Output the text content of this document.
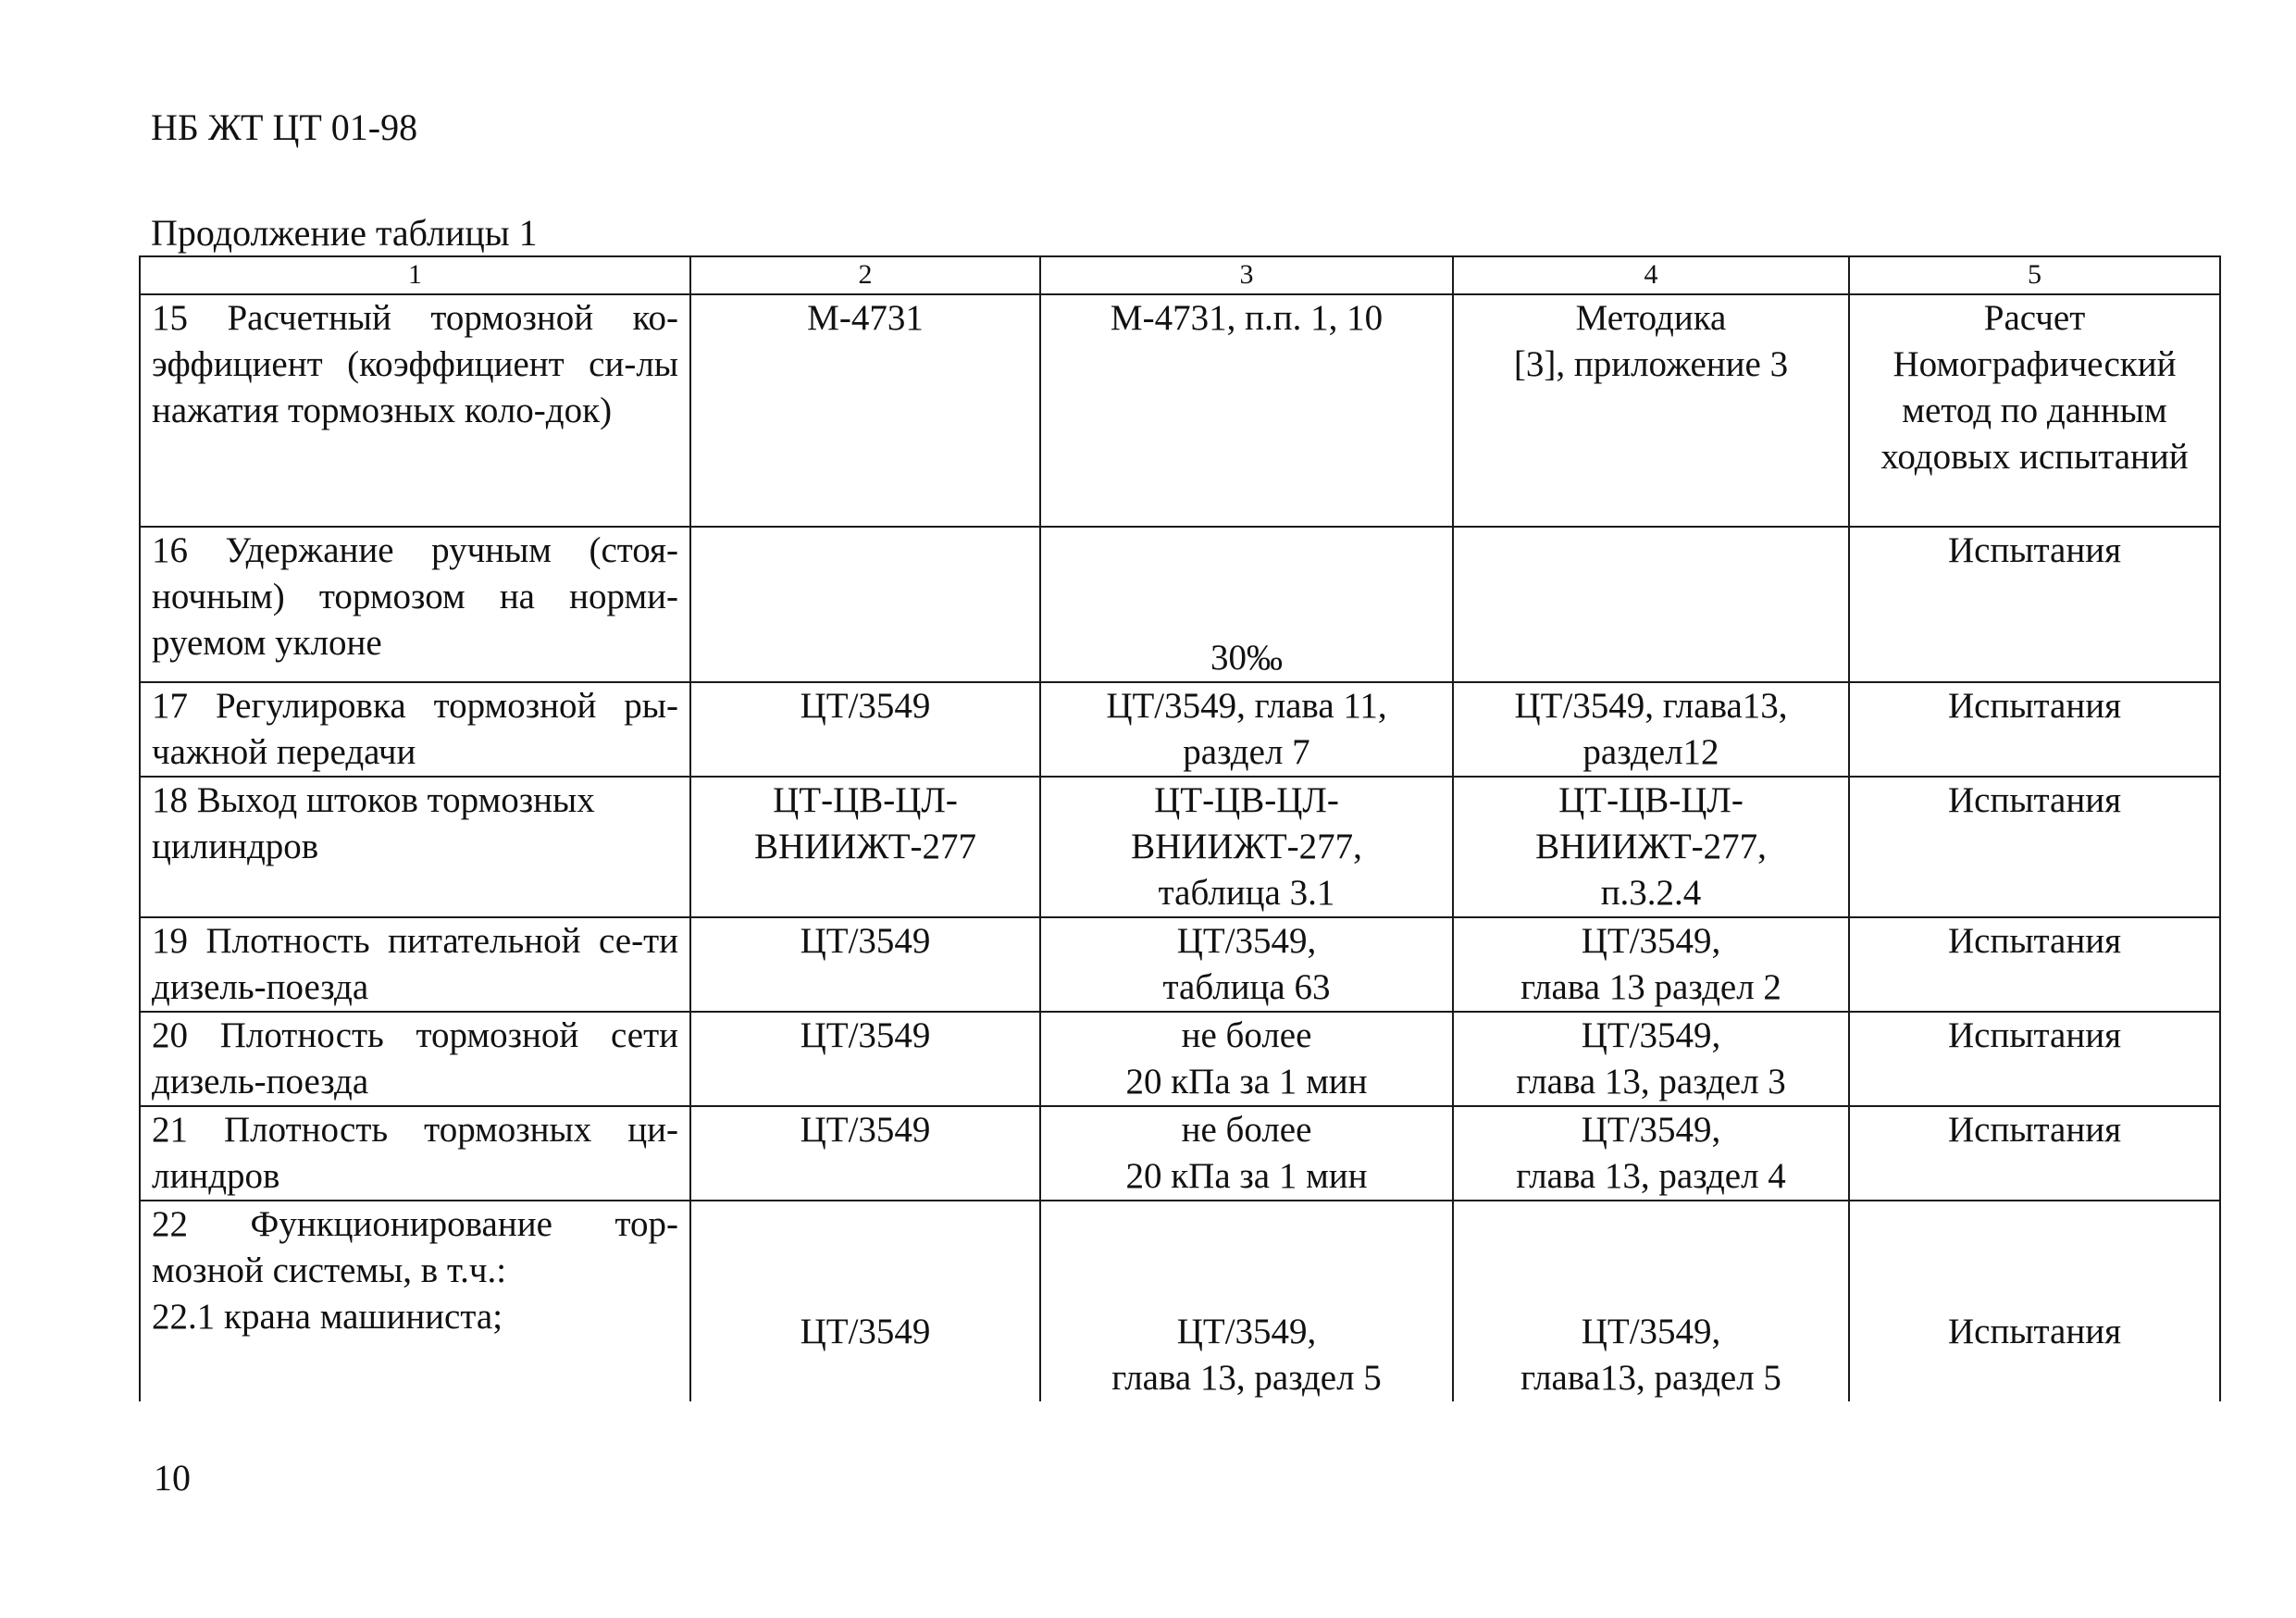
НБ ЖТ ЦТ 01-98
Продолжение таблицы 1
1	2	3	4	5

15 Расчетный тормозной ко-эффициент (коэффициент си-лы нажатия тормозных коло-док)	М-4731	М-4731, п.п. 1, 10	Методика
[3], приложение 3	Расчет
Номографический метод по данным ходовых испытаний

16 Удержание ручным (стоя-ночным) тормозом на норми-руемом уклоне		30‰		Испытания

17 Регулировка тормозной ры-чажной передачи	ЦТ/3549	ЦТ/3549, глава 11,
раздел 7	ЦТ/3549, глава13,
раздел12	Испытания

18 Выход штоков тормозных цилиндров	ЦТ-ЦВ-ЦЛ-
ВНИИЖТ-277	ЦТ-ЦВ-ЦЛ-
ВНИИЖТ-277,
таблица 3.1	ЦТ-ЦВ-ЦЛ-
ВНИИЖТ-277,
п.3.2.4	Испытания

19 Плотность питательной се-ти дизель-поезда	ЦТ/3549	ЦТ/3549,
таблица 63	ЦТ/3549,
глава 13 раздел 2	Испытания

20 Плотность тормозной сети дизель-поезда	ЦТ/3549	не более
20 кПа за 1 мин	ЦТ/3549,
глава 13, раздел 3	Испытания

21 Плотность тормозных ци-линдров	ЦТ/3549	не более
20 кПа за 1 мин	ЦТ/3549,
глава 13, раздел 4	Испытания

22 Функционирование тор-мозной системы, в т.ч.:
22.1 крана машиниста;	ЦТ/3549	ЦТ/3549,
глава 13, раздел 5	ЦТ/3549,
глава13, раздел 5	Испытания
10
